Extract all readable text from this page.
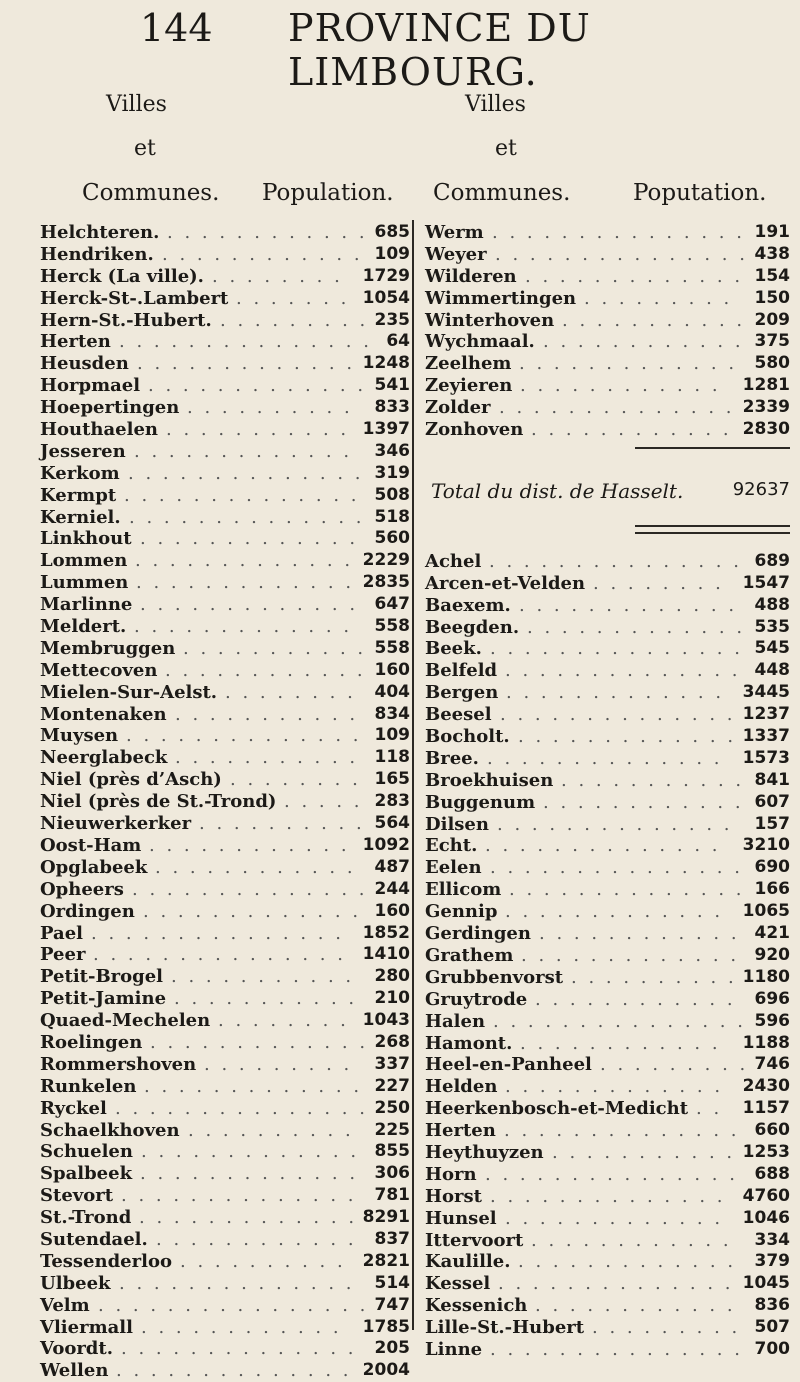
144 PROVINCE DU LIMBOURG.
Villes
et
Communes. Population.
Helchteren. . . . . . . . . . . . . 685
Hendriken. . . . . . . . . . . . . 109
Herck (La ville). . . . . . . . . 1729
Herck-St-.Lambert . . . . . . . 1054
Hern-St.-Hubert. . . . . . . . . . 235
Herten . . . . . . . . . . . . . . . 64
Heusden . . . . . . . . . . . . . 1248
Horpmael . . . . . . . . . . . . . 541
Hoepertingen . . . . . . . . . . 833
Houthaelen . . . . . . . . . . . 1397
Jesseren . . . . . . . . . . . . . 346
Kerkom . . . . . . . . . . . . . . 319
Kermpt . . . . . . . . . . . . . . 508
Kerniel. . . . . . . . . . . . . . . 518
Linkhout . . . . . . . . . . . . . 560
Lommen . . . . . . . . . . . . . 2229
Lummen . . . . . . . . . . . . . 2835
Marlinne . . . . . . . . . . . . . 647
Meldert. . . . . . . . . . . . . . 558
Membruggen . . . . . . . . . . . 558
Mettecoven . . . . . . . . . . . . 160
Mielen-Sur-Aelst. . . . . . . . . 404
Montenaken . . . . . . . . . . . 834
Muysen . . . . . . . . . . . . . . 109
Neerglabeck . . . . . . . . . . . 118
Niel (près d’Asch) . . . . . . . . 165
Niel (près de St.-Trond) . . . . . 283
Nieuwerkerker . . . . . . . . . . 564
Oost-Ham . . . . . . . . . . . . 1092
Opglabeek . . . . . . . . . . . . 487
Opheers . . . . . . . . . . . . . . 244
Ordingen . . . . . . . . . . . . . 160
Pael . . . . . . . . . . . . . . . 1852
Peer . . . . . . . . . . . . . . . 1410
Petit-Brogel . . . . . . . . . . . 280
Petit-Jamine . . . . . . . . . . . 210
Quaed-Mechelen . . . . . . . . 1043
Roelingen . . . . . . . . . . . . . 268
Rommershoven . . . . . . . . . 337
Runkelen . . . . . . . . . . . . . 227
Ryckel . . . . . . . . . . . . . . . 250
Schaelkhoven . . . . . . . . . . 225
Schuelen . . . . . . . . . . . . . 855
Spalbeek . . . . . . . . . . . . . 306
Stevort . . . . . . . . . . . . . . 781
St.-Trond . . . . . . . . . . . . . 8291
Sutendael. . . . . . . . . . . . . 837
Tessenderloo . . . . . . . . . . 2821
Ulbeek . . . . . . . . . . . . . . 514
Velm . . . . . . . . . . . . . . . . 747
Vliermall . . . . . . . . . . . . 1785
Voordt. . . . . . . . . . . . . . . 205
Wellen . . . . . . . . . . . . . . 2004
Villes
et
Communes.	Poputation.
Werm . . . . . . . . . . . . . . . 191
Weyer . . . . . . . . . . . . . . . 438
Wilderen . . . . . . . . . . . . . 154
Wimmertingen . . . . . . . . . 150
Winterhoven . . . . . . . . . . . 209
Wychmaal. . . . . . . . . . . . . 375
Zeelhem . . . . . . . . . . . . . 580
Zeyieren . . . . . . . . . . . . 1281
Zolder . . . . . . . . . . . . . . 2339
Zonhoven . . . . . . . . . . . . 2830
Total du dist. de Hasselt.	92637
Achel . . . . . . . . . . . . . . . 689
Arcen-et-Velden . . . . . . . . 1547
Baexem. . . . . . . . . . . . . . 488
Beegden. . . . . . . . . . . . . . 535
Beek. . . . . . . . . . . . . . . . 545
Belfeld . . . . . . . . . . . . . . 448
Bergen . . . . . . . . . . . . . 3445
Beesel . . . . . . . . . . . . . . 1237
Bocholt. . . . . . . . . . . . . . 1337
Bree. . . . . . . . . . . . . . . 1573
Broekhuisen . . . . . . . . . . . 841
Buggenum . . . . . . . . . . . . 607
Dilsen . . . . . . . . . . . . . . 157
Echt. . . . . . . . . . . . . . . 3210
Eelen . . . . . . . . . . . . . . . 690
Ellicom . . . . . . . . . . . . . . 166
Gennip . . . . . . . . . . . . . 1065
Gerdingen . . . . . . . . . . . . 421
Grathem . . . . . . . . . . . . . 920
Grubbenvorst . . . . . . . . . . 1180
Gruytrode . . . . . . . . . . . . 696
Halen . . . . . . . . . . . . . . . 596
Hamont. . . . . . . . . . . . . 1188
Heel-en-Panheel . . . . . . . . . 746
Helden . . . . . . . . . . . . . 2430
Heerkenbosch-et-Medicht . . 1157
Herten . . . . . . . . . . . . . . 660
Heythuyzen . . . . . . . . . . . 1253
Horn . . . . . . . . . . . . . . . 688
Horst . . . . . . . . . . . . . . 4760
Hunsel . . . . . . . . . . . . . 1046
Ittervoort . . . . . . . . . . . . 334
Kaulille. . . . . . . . . . . . . . 379
Kessel . . . . . . . . . . . . . . 1045
Kessenich . . . . . . . . . . . . 836
Lille-St.-Hubert . . . . . . . . . 507
Linne . . . . . . . . . . . . . . . 700
